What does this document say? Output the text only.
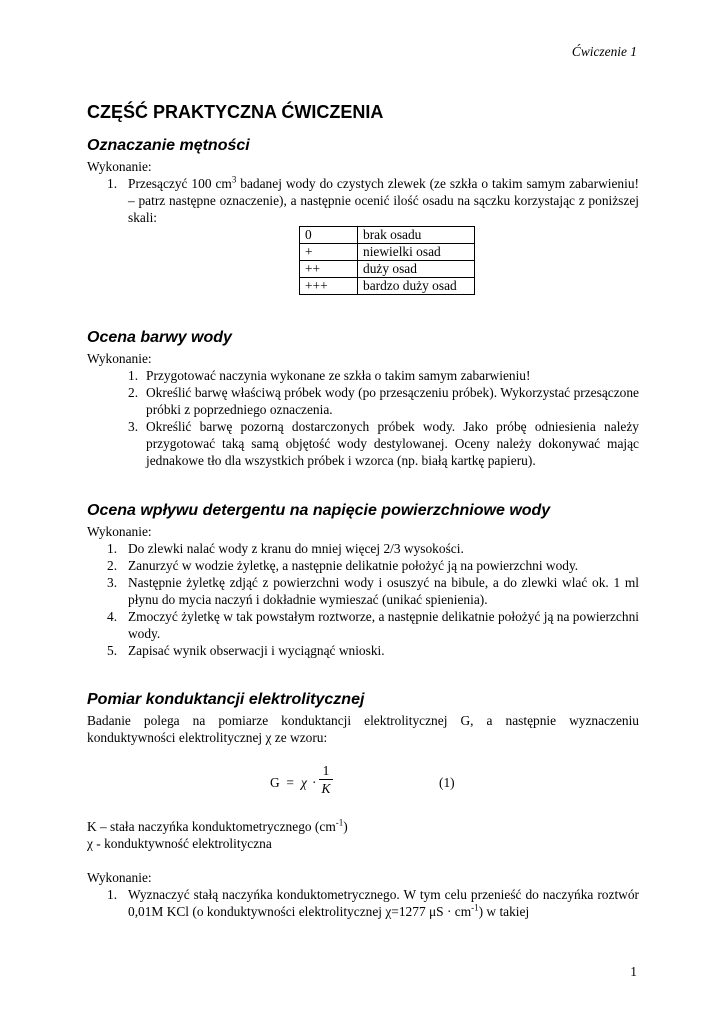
Ćwiczenie 1
CZĘŚĆ PRAKTYCZNA ĆWICZENIA
Oznaczanie mętności
Wykonanie:
1. Przesączyć 100 $cm^3$ badanej wody do czystych zlewek (ze szkła o takim samym zabarwieniu! – patrz następne oznaczenie), a następnie ocenić ilość osadu na sączku korzystając z poniższej skali:
0	brak osadu
+	niewielki osad
++	duży osad
+++	bardzo duży osad
Ocena barwy wody
Wykonanie:
1. Przygotować naczynia wykonane ze szkła o takim samym zabarwieniu!
2. Określić barwę właściwą próbek wody (po przesączeniu próbek). Wykorzystać przesączone próbki z poprzedniego oznaczenia.
3. Określić barwę pozorną dostarczonych próbek wody. Jako próbę odniesienia należy przygotować taką samą objętość wody destylowanej. Oceny należy dokonywać mając jednakowe tło dla wszystkich próbek i wzorca (np. białą kartkę papieru).
Ocena wpływu detergentu na napięcie powierzchniowe wody
Wykonanie:
1. Do zlewki nalać wody z kranu do mniej więcej 2/3 wysokości.
2. Zanurzyć w wodzie żyletkę, a następnie delikatnie położyć ją na powierzchni wody.
3. Następnie żyletkę zdjąć z powierzchni wody i osuszyć na bibule, a do zlewki wlać ok. 1 ml płynu do mycia naczyń i dokładnie wymieszać (unikać spienienia).
4. Zmoczyć żyletkę w tak powstałym roztworze, a następnie delikatnie położyć ją na powierzchni wody.
5. Zapisać wynik obserwacji i wyciągnąć wnioski.
Pomiar konduktancji elektrolitycznej
Badanie polega na pomiarze konduktancji elektrolitycznej G, a następnie wyznaczeniu konduktywności elektrolitycznej χ ze wzoru:
G  = χ ·
1
K	(1)
K – stała naczyńka konduktometrycznego $(cm^{-1})$
χ - konduktywność elektrolityczna
Wykonanie:
1. Wyznaczyć stałą naczyńka konduktometrycznego. W tym celu przenieść do naczyńka roztwór 0,01M KCl (o konduktywności elektrolitycznej χ=1277 $\mu S \cdot cm^{-1}$) w takiej
1
